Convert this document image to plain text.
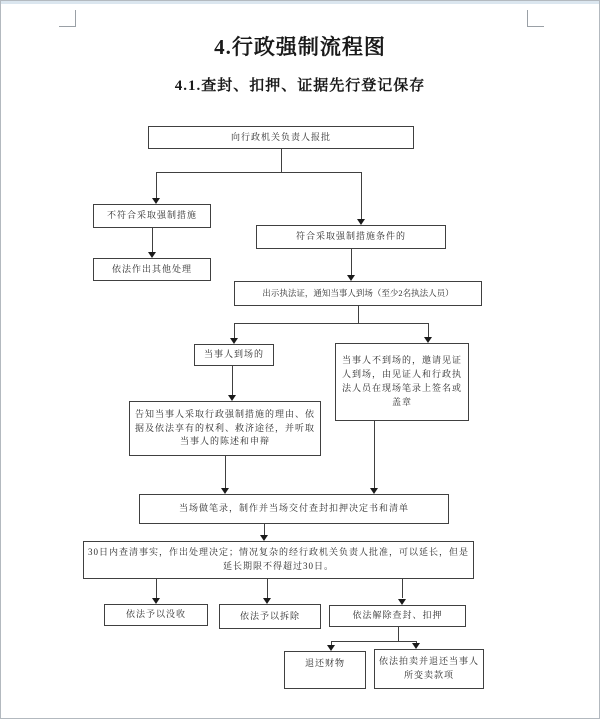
4.行政强制流程图
4.1.查封、扣押、证据先行登记保存
向行政机关负责人报批
不符合采取强制措施
依法作出其他处理
符合采取强制措施条件的
出示执法证，通知当事人到场（至少2名执法人员）
当事人到场的
当事人不到场的，邀请见证人到场，由见证人和行政执法人员在现场笔录上签名或盖章
告知当事人采取行政强制措施的理由、依据及依法享有的权利、救济途径，并听取当事人的陈述和申辩
当场做笔录，制作并当场交付查封扣押决定书和清单
30日内查清事实，作出处理决定；情况复杂的经行政机关负责人批准，可以延长，但是延长期限不得超过30日。
依法予以没收	依法予以拆除	依法解除查封、扣押
退还财物	依法拍卖并退还当事人所变卖款项
